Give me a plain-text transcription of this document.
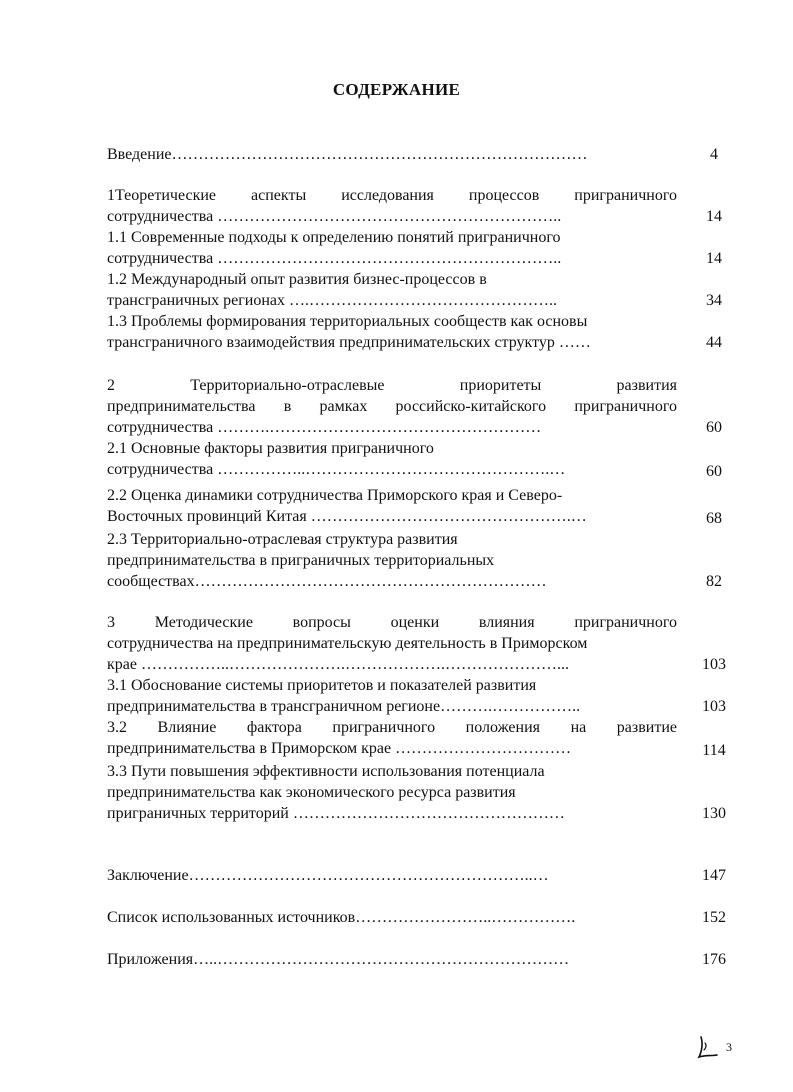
СОДЕРЖАНИЕ
Введение……………………………………………………………………	4
1Теоретические аспекты исследования процессов приграничного
сотрудничества ………………………………………………………..	14
1.1 Современные подходы к определению понятий приграничного
сотрудничества ………………………………………………………..	14
1.2 Международный опыт развития бизнес-процессов в
трансграничных регионах ….………………………………………..	34
1.3 Проблемы формирования территориальных сообществ как основы
трансграничного взаимодействия предпринимательских структур ……	44
2 Территориально-отраслевые приоритеты развития
предпринимательства в рамках российско-китайского приграничного
сотрудничества ……….……………………………………………	60
2.1 Основные факторы развития приграничного
сотрудничества ……………..……………………………………….…	60
2.2 Оценка динамики сотрудничества Приморского края и Северо-
Восточных провинций Китая ………………………………………….…	68
2.3 Территориально-отраслевая структура развития
предпринимательства в приграничных территориальных
сообществах…………………………………………………………	82
3 Методические вопросы оценки влияния приграничного
сотрудничества на предпринимательскую деятельность в Приморском
крае ……………..………………….……………….…………………...	103
3.1 Обоснование системы приоритетов и показателей развития
предпринимательства в трансграничном регионе……….……………..	103
3.2 Влияние фактора приграничного положения на развитие
предпринимательства в Приморском крае ……………………………	114
3.3 Пути повышения эффективности использования потенциала
предпринимательства как экономического ресурса развития
приграничных территорий ……………………………………………	130
Заключение………………………………………………………..…	147
Список использованных источников……………………..…………….	152
Приложения…..…………………………………………………………	176
3
